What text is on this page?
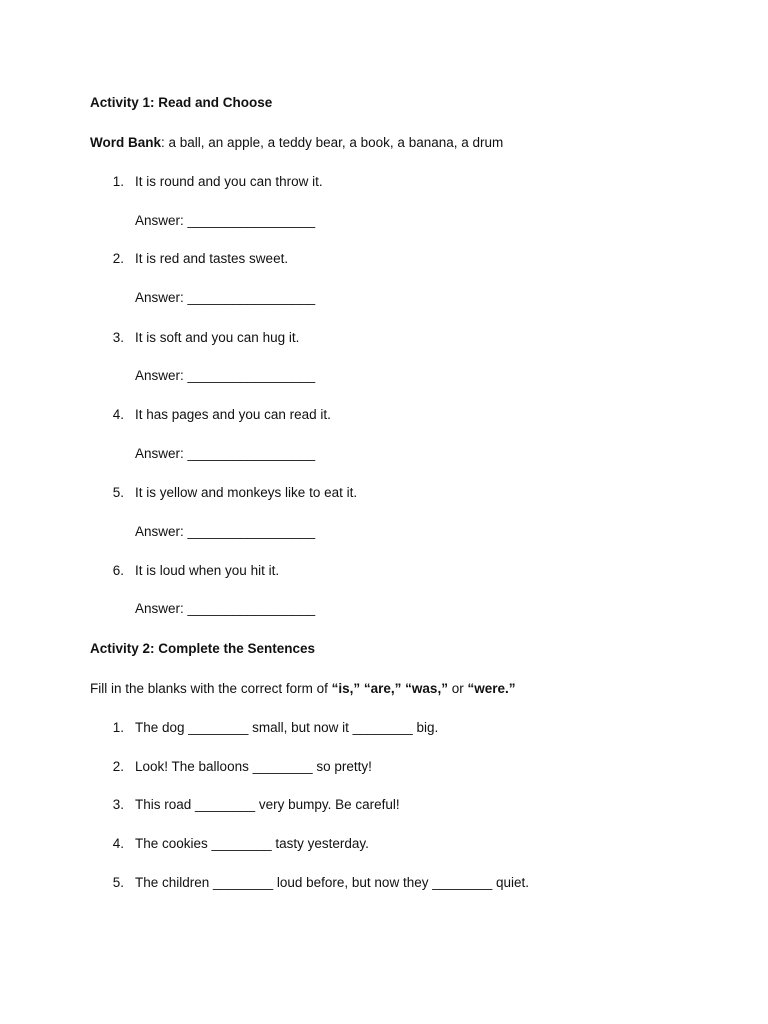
Activity 1: Read and Choose
Word Bank: a ball, an apple, a teddy bear, a book, a banana, a drum
1. It is round and you can throw it.
Answer: _________________
2. It is red and tastes sweet.
Answer: _________________
3. It is soft and you can hug it.
Answer: _________________
4. It has pages and you can read it.
Answer: _________________
5. It is yellow and monkeys like to eat it.
Answer: _________________
6. It is loud when you hit it.
Answer: _________________
Activity 2: Complete the Sentences
Fill in the blanks with the correct form of “is,” “are,” “was,” or “were.”
1. The dog ________ small, but now it ________ big.
2. Look! The balloons ________ so pretty!
3. This road ________ very bumpy. Be careful!
4. The cookies ________ tasty yesterday.
5. The children ________ loud before, but now they ________ quiet.
